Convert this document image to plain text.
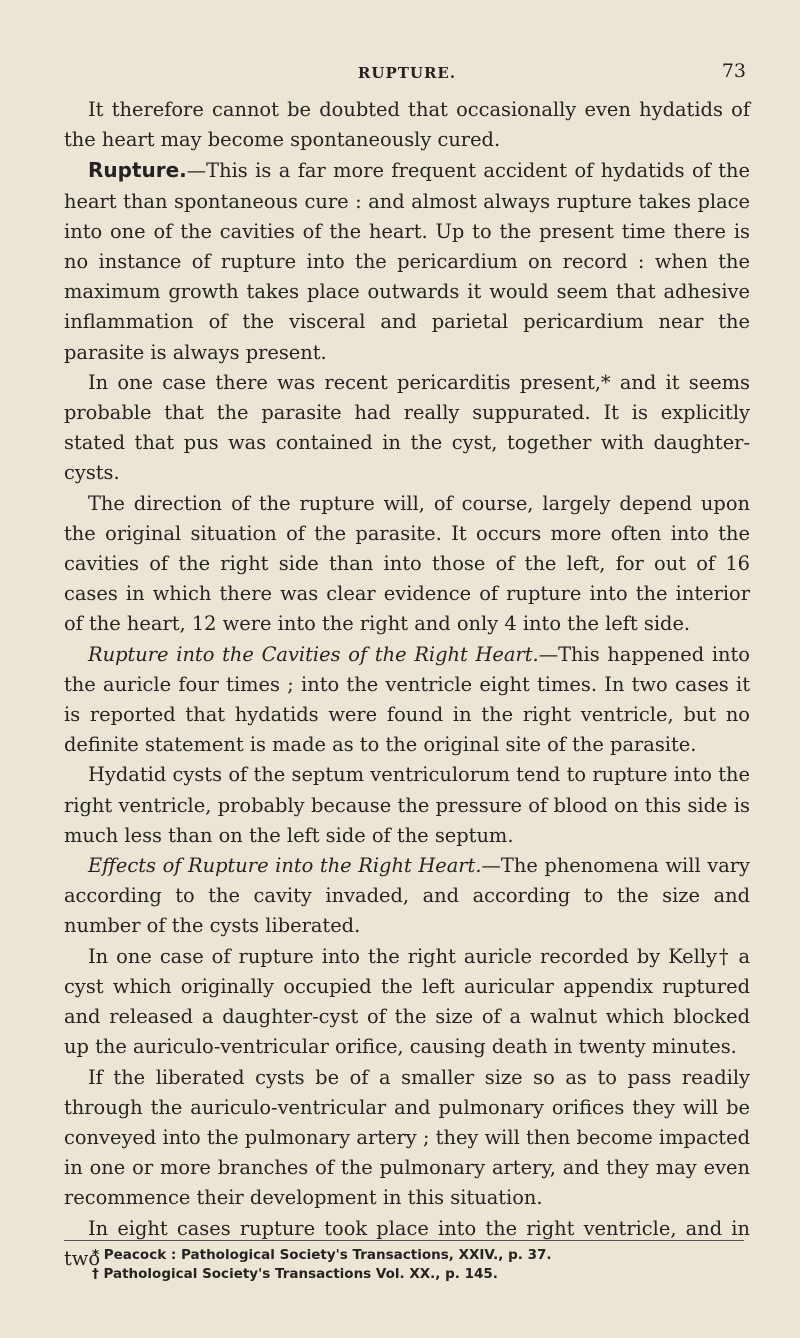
RUPTURE.	73

It therefore cannot be doubted that occasionally even hydatids of the heart may become spontaneously cured.

Rupture.—This is a far more frequent accident of hydatids of the heart than spontaneous cure : and almost always rupture takes place into one of the cavities of the heart. Up to the present time there is no instance of rupture into the pericardium on record : when the maximum growth takes place outwards it would seem that adhesive inflammation of the visceral and parietal pericardium near the parasite is always present.

In one case there was recent pericarditis present,* and it seems probable that the parasite had really suppurated. It is explicitly stated that pus was contained in the cyst, together with daughter-cysts.

The direction of the rupture will, of course, largely depend upon the original situation of the parasite. It occurs more often into the cavities of the right side than into those of the left, for out of 16 cases in which there was clear evidence of rupture into the interior of the heart, 12 were into the right and only 4 into the left side.

Rupture into the Cavities of the Right Heart.—This happened into the auricle four times ; into the ventricle eight times. In two cases it is reported that hydatids were found in the right ventricle, but no definite statement is made as to the original site of the parasite.

Hydatid cysts of the septum ventriculorum tend to rupture into the right ventricle, probably because the pressure of blood on this side is much less than on the left side of the septum.

Effects of Rupture into the Right Heart.—The phenomena will vary according to the cavity invaded, and according to the size and number of the cysts liberated.

In one case of rupture into the right auricle recorded by Kelly† a cyst which originally occupied the left auricular appendix ruptured and released a daughter-cyst of the size of a walnut which blocked up the auriculo-ventricular orifice, causing death in twenty minutes.

If the liberated cysts be of a smaller size so as to pass readily through the auriculo-ventricular and pulmonary orifices they will be conveyed into the pulmonary artery ; they will then become impacted in one or more branches of the pulmonary artery, and they may even recommence their development in this situation.

In eight cases rupture took place into the right ventricle, and in two

* Peacock : Pathological Society's Transactions, XXIV., p. 37.
† Pathological Society's Transactions Vol. XX., p. 145.
